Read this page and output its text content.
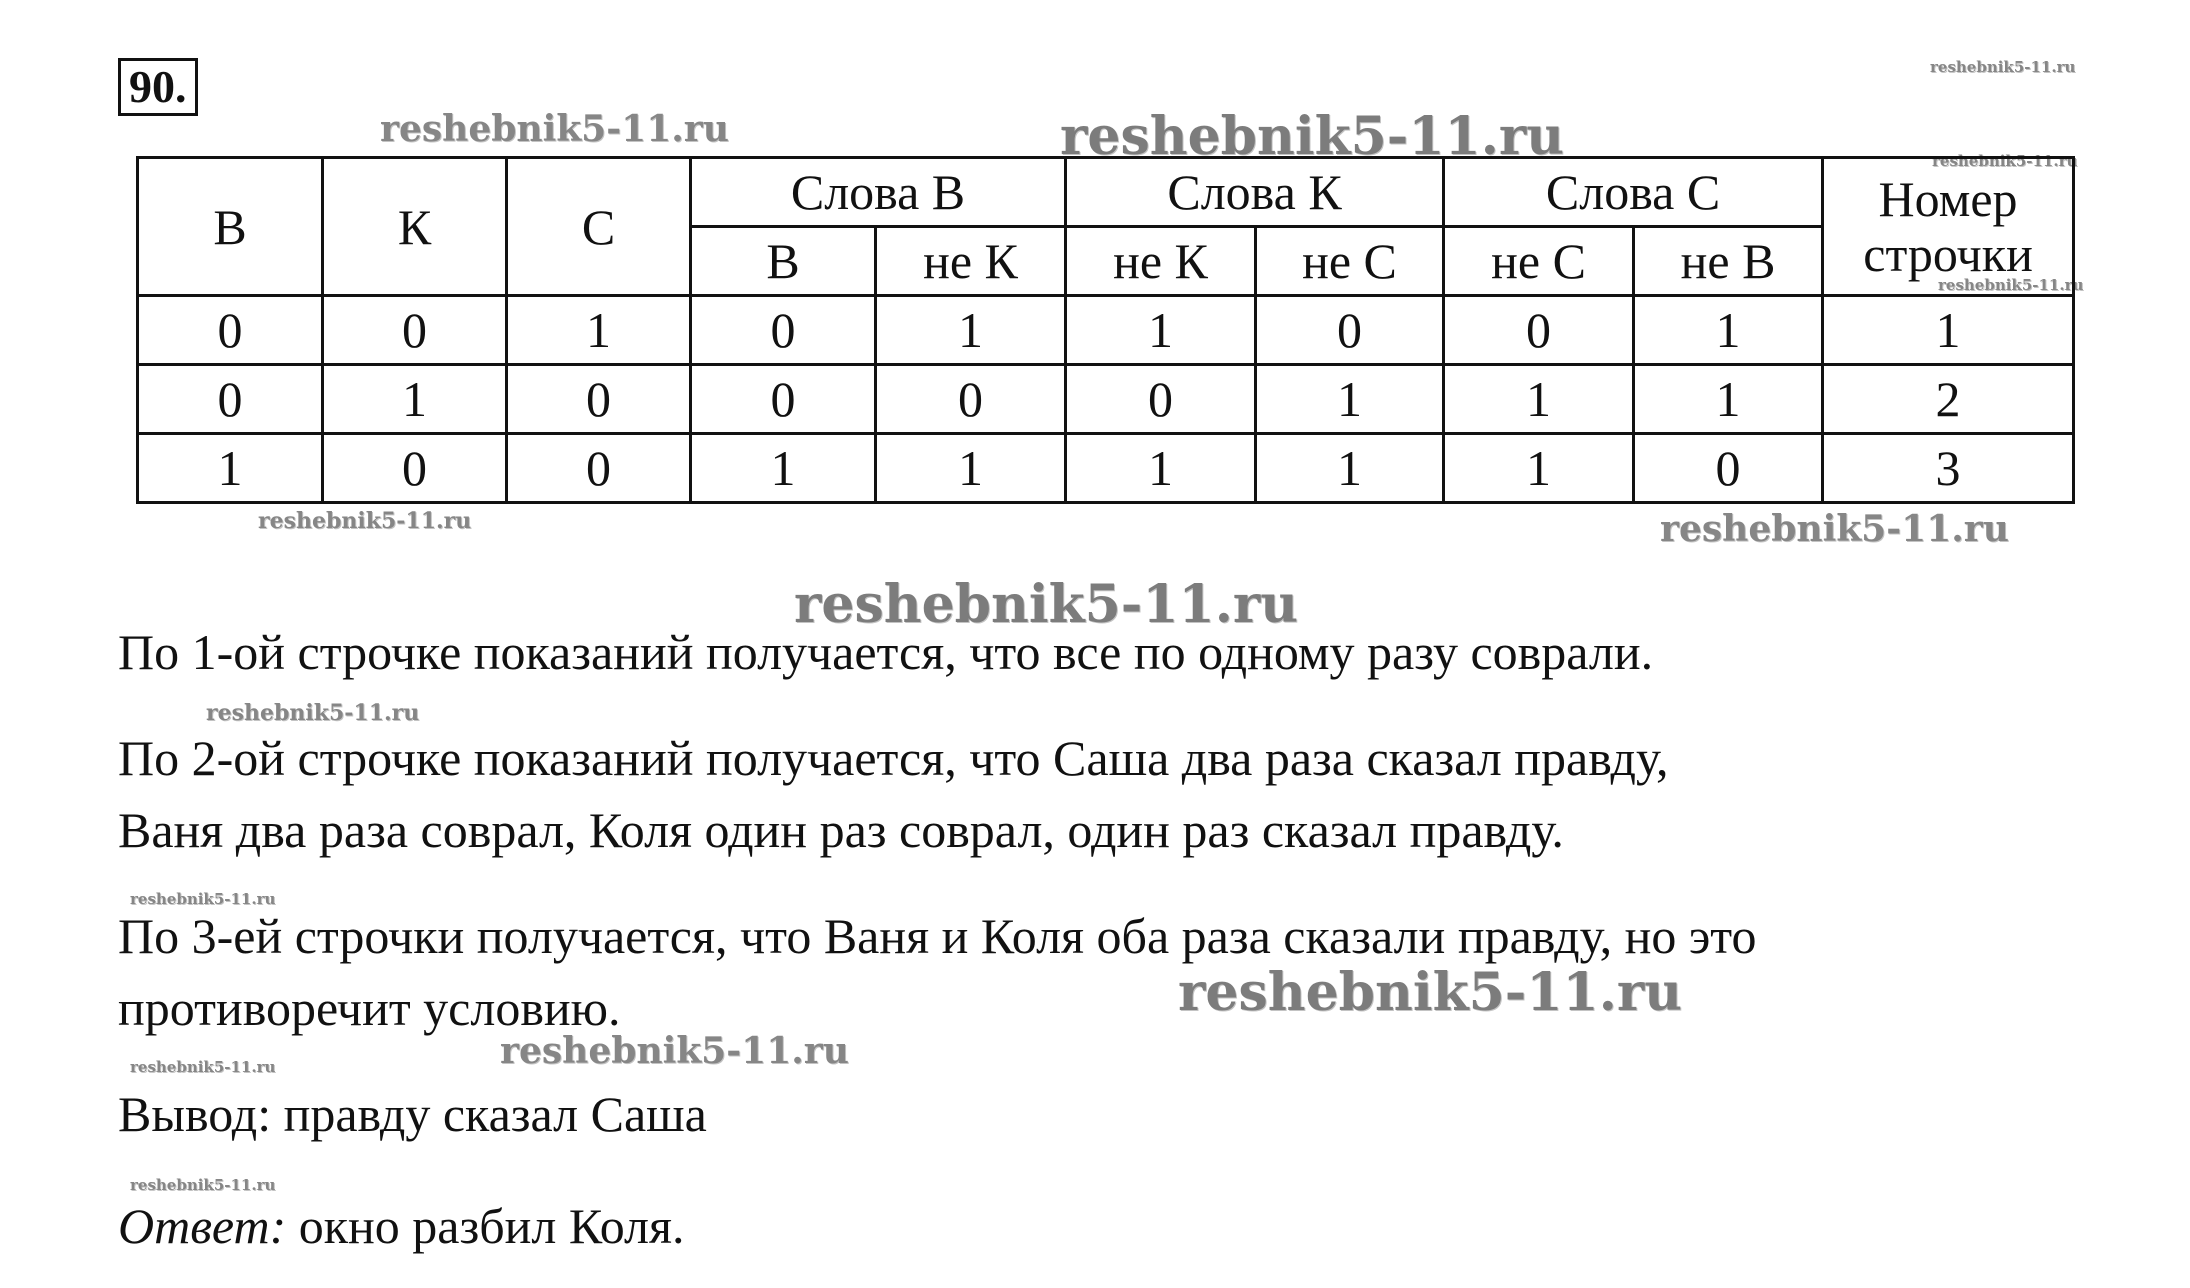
90.
reshebnik5-11.ru	reshebnik5-11.ru
reshebnik5-11.ru
reshebnik5-11.ru
reshebnik5-11.ru
reshebnik5-11.ru	reshebnik5-11.ru
reshebnik5-11.ru
reshebnik5-11.ru
reshebnik5-11.ru
reshebnik5-11.ru
reshebnik5-11.ru	reshebnik5-11.ru
reshebnik5-11.ru
В	К	С	Слова В		Слова К		Слова С		Номер строчки
			В	не К	не К	не С	не С	не В	
0	0	1	0	1	1	0	0	1	1
0	1	0	0	0	0	1	1	1	2
1	0	0	1	1	1	1	1	0	3

По 1-ой строчке показаний получается, что все по одному разу соврали.

По 2-ой строчке показаний получается, что Саша два раза сказал правду,

Ваня два раза соврал, Коля один раз соврал, один раз сказал правду.

По 3-ей строчки получается, что Ваня и Коля оба раза сказали правду, но это

противоречит условию.

Вывод: правду сказал Саша

Ответ: окно разбил Коля.
